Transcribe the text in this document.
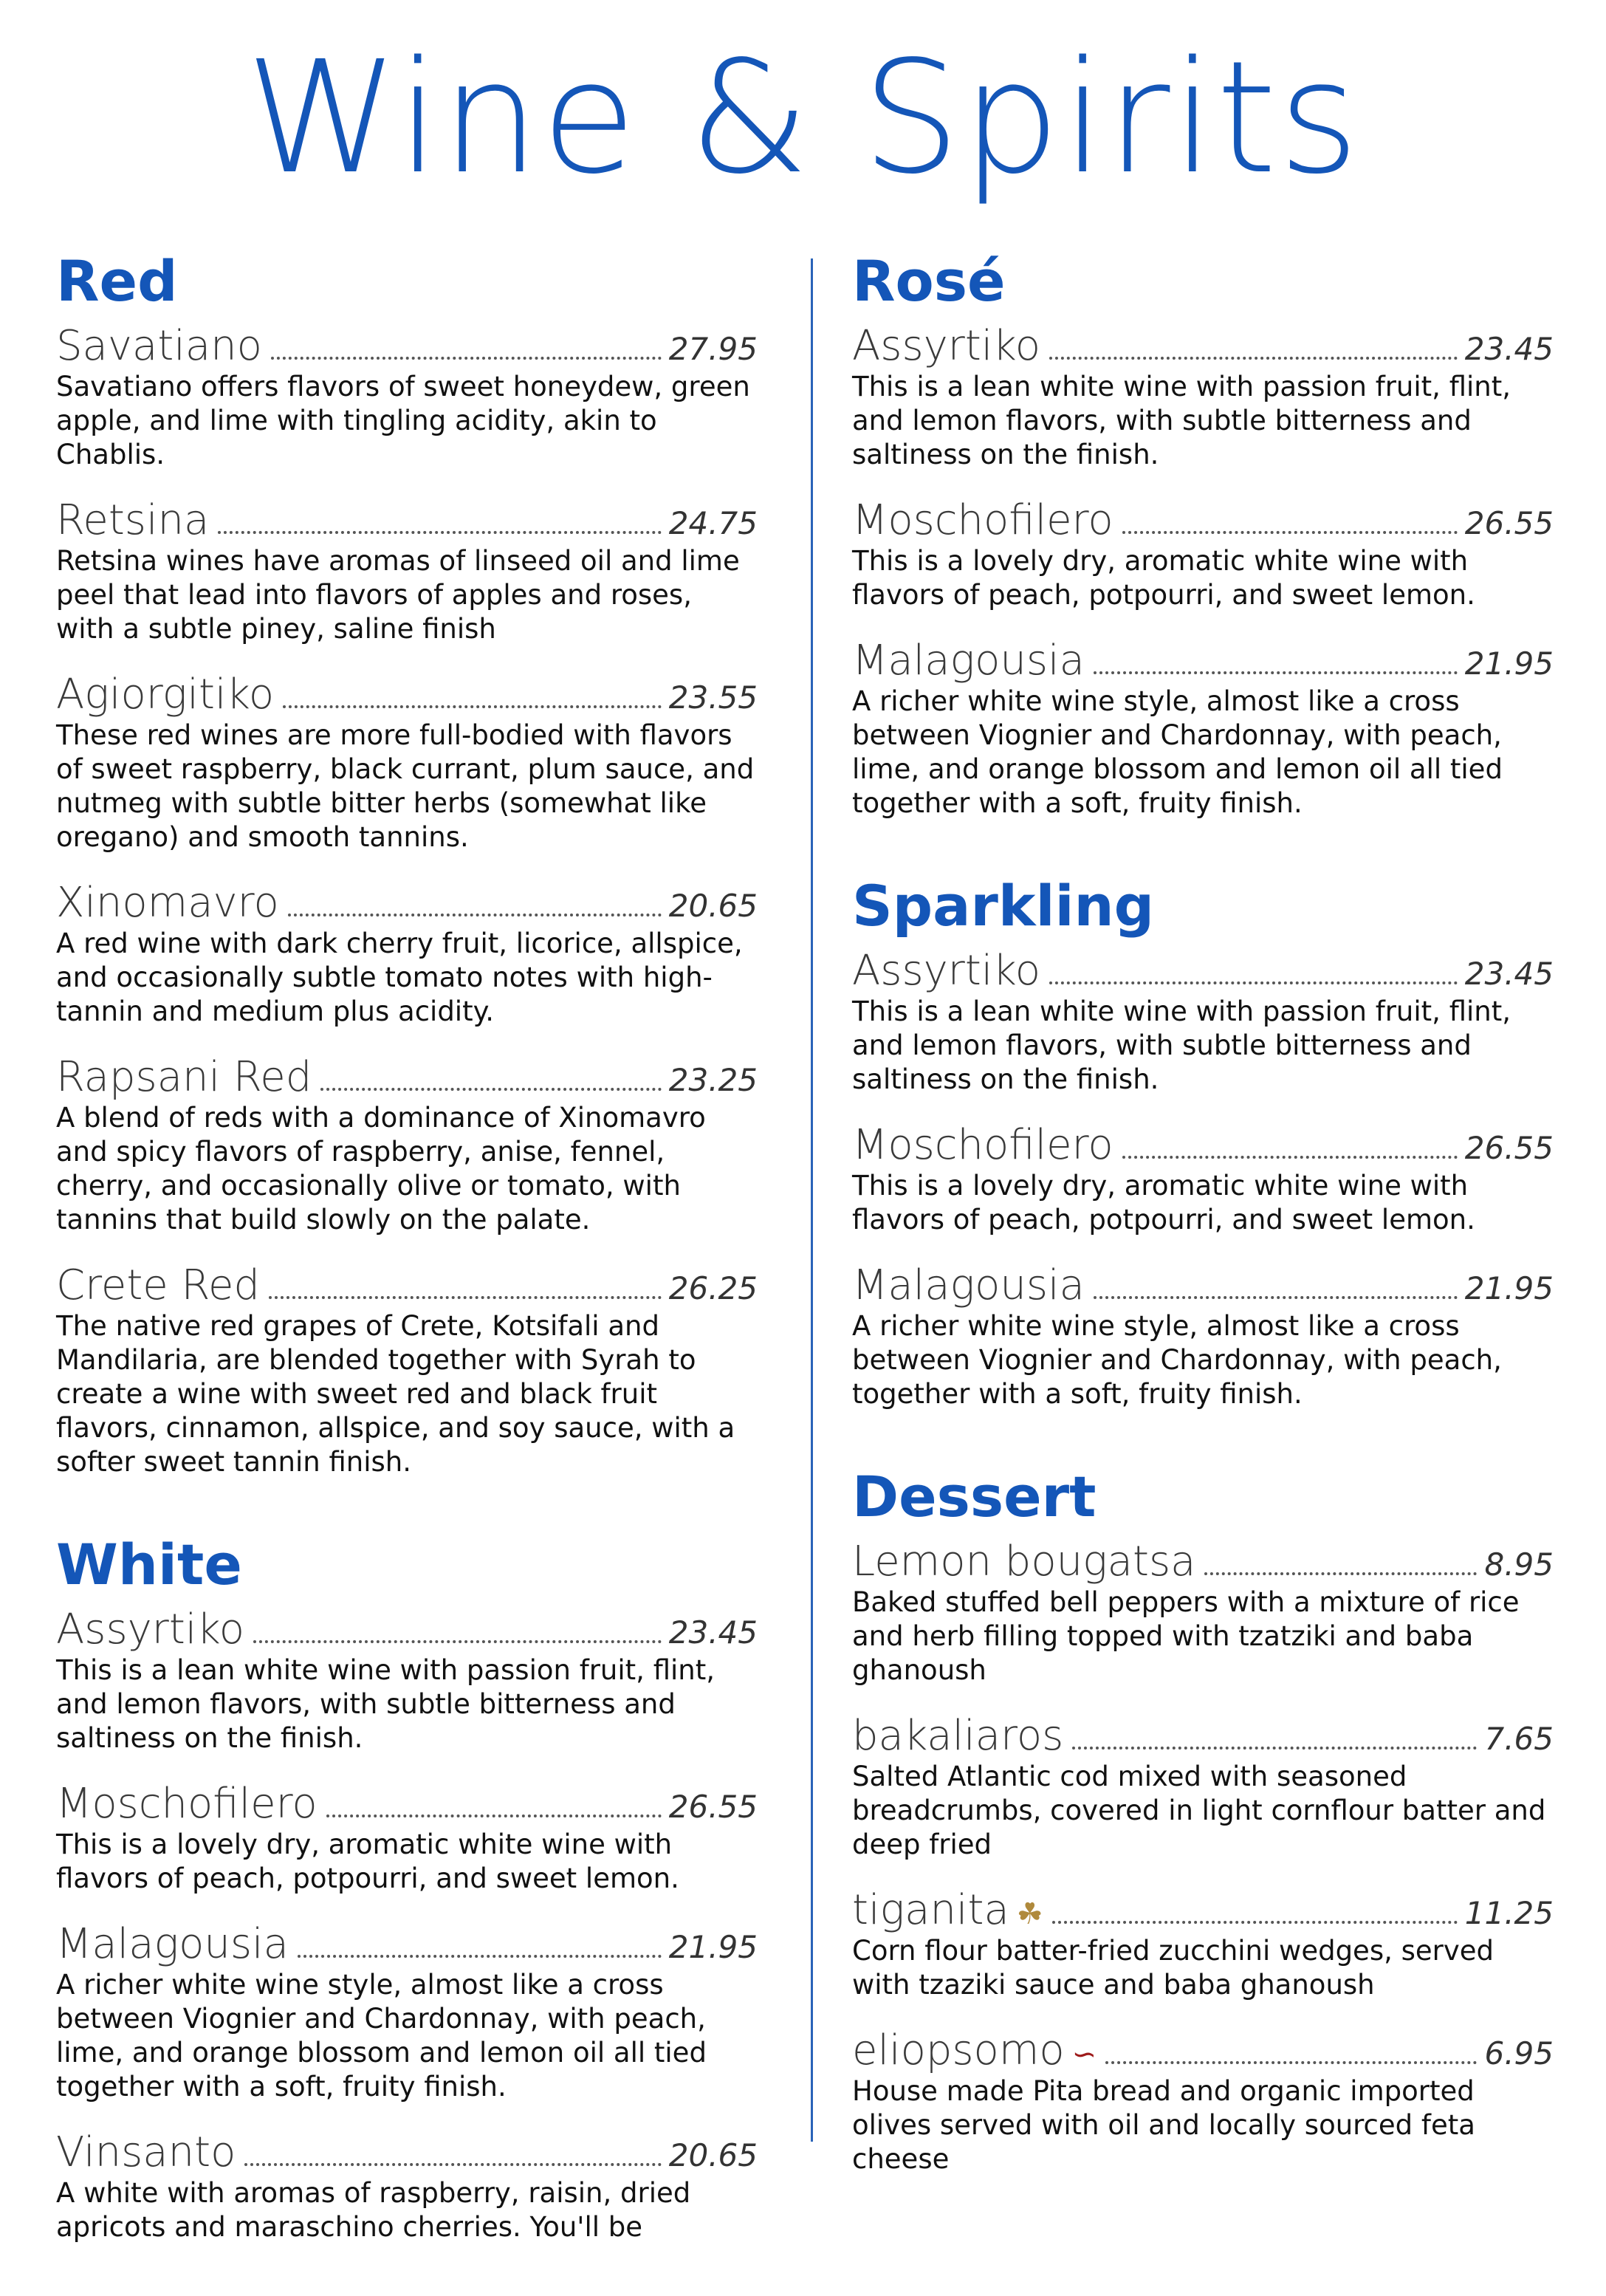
Wine & Spirits
Red
Savatiano	27.95

Savatiano offers flavors of sweet honeydew, green apple, and lime with tingling acidity, akin to Chablis.

Retsina	24.75

Retsina wines have aromas of linseed oil and lime peel that lead into flavors of apples and roses, with a subtle piney, saline finish

Agiorgitiko	23.55

These red wines are more full-bodied with flavors of sweet raspberry, black currant, plum sauce, and nutmeg with subtle bitter herbs (somewhat like oregano) and smooth tannins.

Xinomavro	20.65

A red wine with dark cherry fruit, licorice, allspice, and occasionally subtle tomato notes with high-tannin and medium plus acidity.

Rapsani Red	23.25

A blend of reds with a dominance of Xinomavro and spicy flavors of raspberry, anise, fennel, cherry, and occasionally olive or tomato, with tannins that build slowly on the palate.

Crete Red	26.25

The native red grapes of Crete, Kotsifali and Mandilaria, are blended together with Syrah to create a wine with sweet red and black fruit flavors, cinnamon, allspice, and soy sauce, with a softer sweet tannin finish.

White
Assyrtiko	23.45

This is a lean white wine with passion fruit, flint, and lemon flavors, with subtle bitterness and saltiness on the finish.

Moschofilero	26.55

This is a lovely dry, aromatic white wine with flavors of peach, potpourri, and sweet lemon.

Malagousia	21.95

A richer white wine style, almost like a cross between Viognier and Chardonnay, with peach, lime, and orange blossom and lemon oil all tied together with a soft, fruity finish.

Vinsanto	20.65

A white with aromas of raspberry, raisin, dried apricots and maraschino cherries. You'll be

Rosé
Assyrtiko	23.45

This is a lean white wine with passion fruit, flint, and lemon flavors, with subtle bitterness and saltiness on the finish.

Moschofilero	26.55

This is a lovely dry, aromatic white wine with flavors of peach, potpourri, and sweet lemon.

Malagousia	21.95

A richer white wine style, almost like a cross between Viognier and Chardonnay, with peach, lime, and orange blossom and lemon oil all tied together with a soft, fruity finish.

Sparkling
Assyrtiko	23.45

This is a lean white wine with passion fruit, flint, and lemon flavors, with subtle bitterness and saltiness on the finish.

Moschofilero	26.55

This is a lovely dry, aromatic white wine with flavors of peach, potpourri, and sweet lemon.

Malagousia	21.95

A richer white wine style, almost like a cross between Viognier and Chardonnay, with peach, together with a soft, fruity finish.

Dessert
Lemon bougatsa	8.95

Baked stuffed bell peppers with a mixture of rice and herb filling topped with tzatziki and baba ghanoush

bakaliaros	7.65

Salted Atlantic cod mixed with seasoned breadcrumbs, covered in light cornflour batter and deep fried

tiganita ☘	11.25

Corn flour batter-fried zucchini wedges, served with tzaziki sauce and baba ghanoush

eliopsomo ∽	6.95

House made Pita bread and organic imported olives served with oil and locally sourced feta cheese
